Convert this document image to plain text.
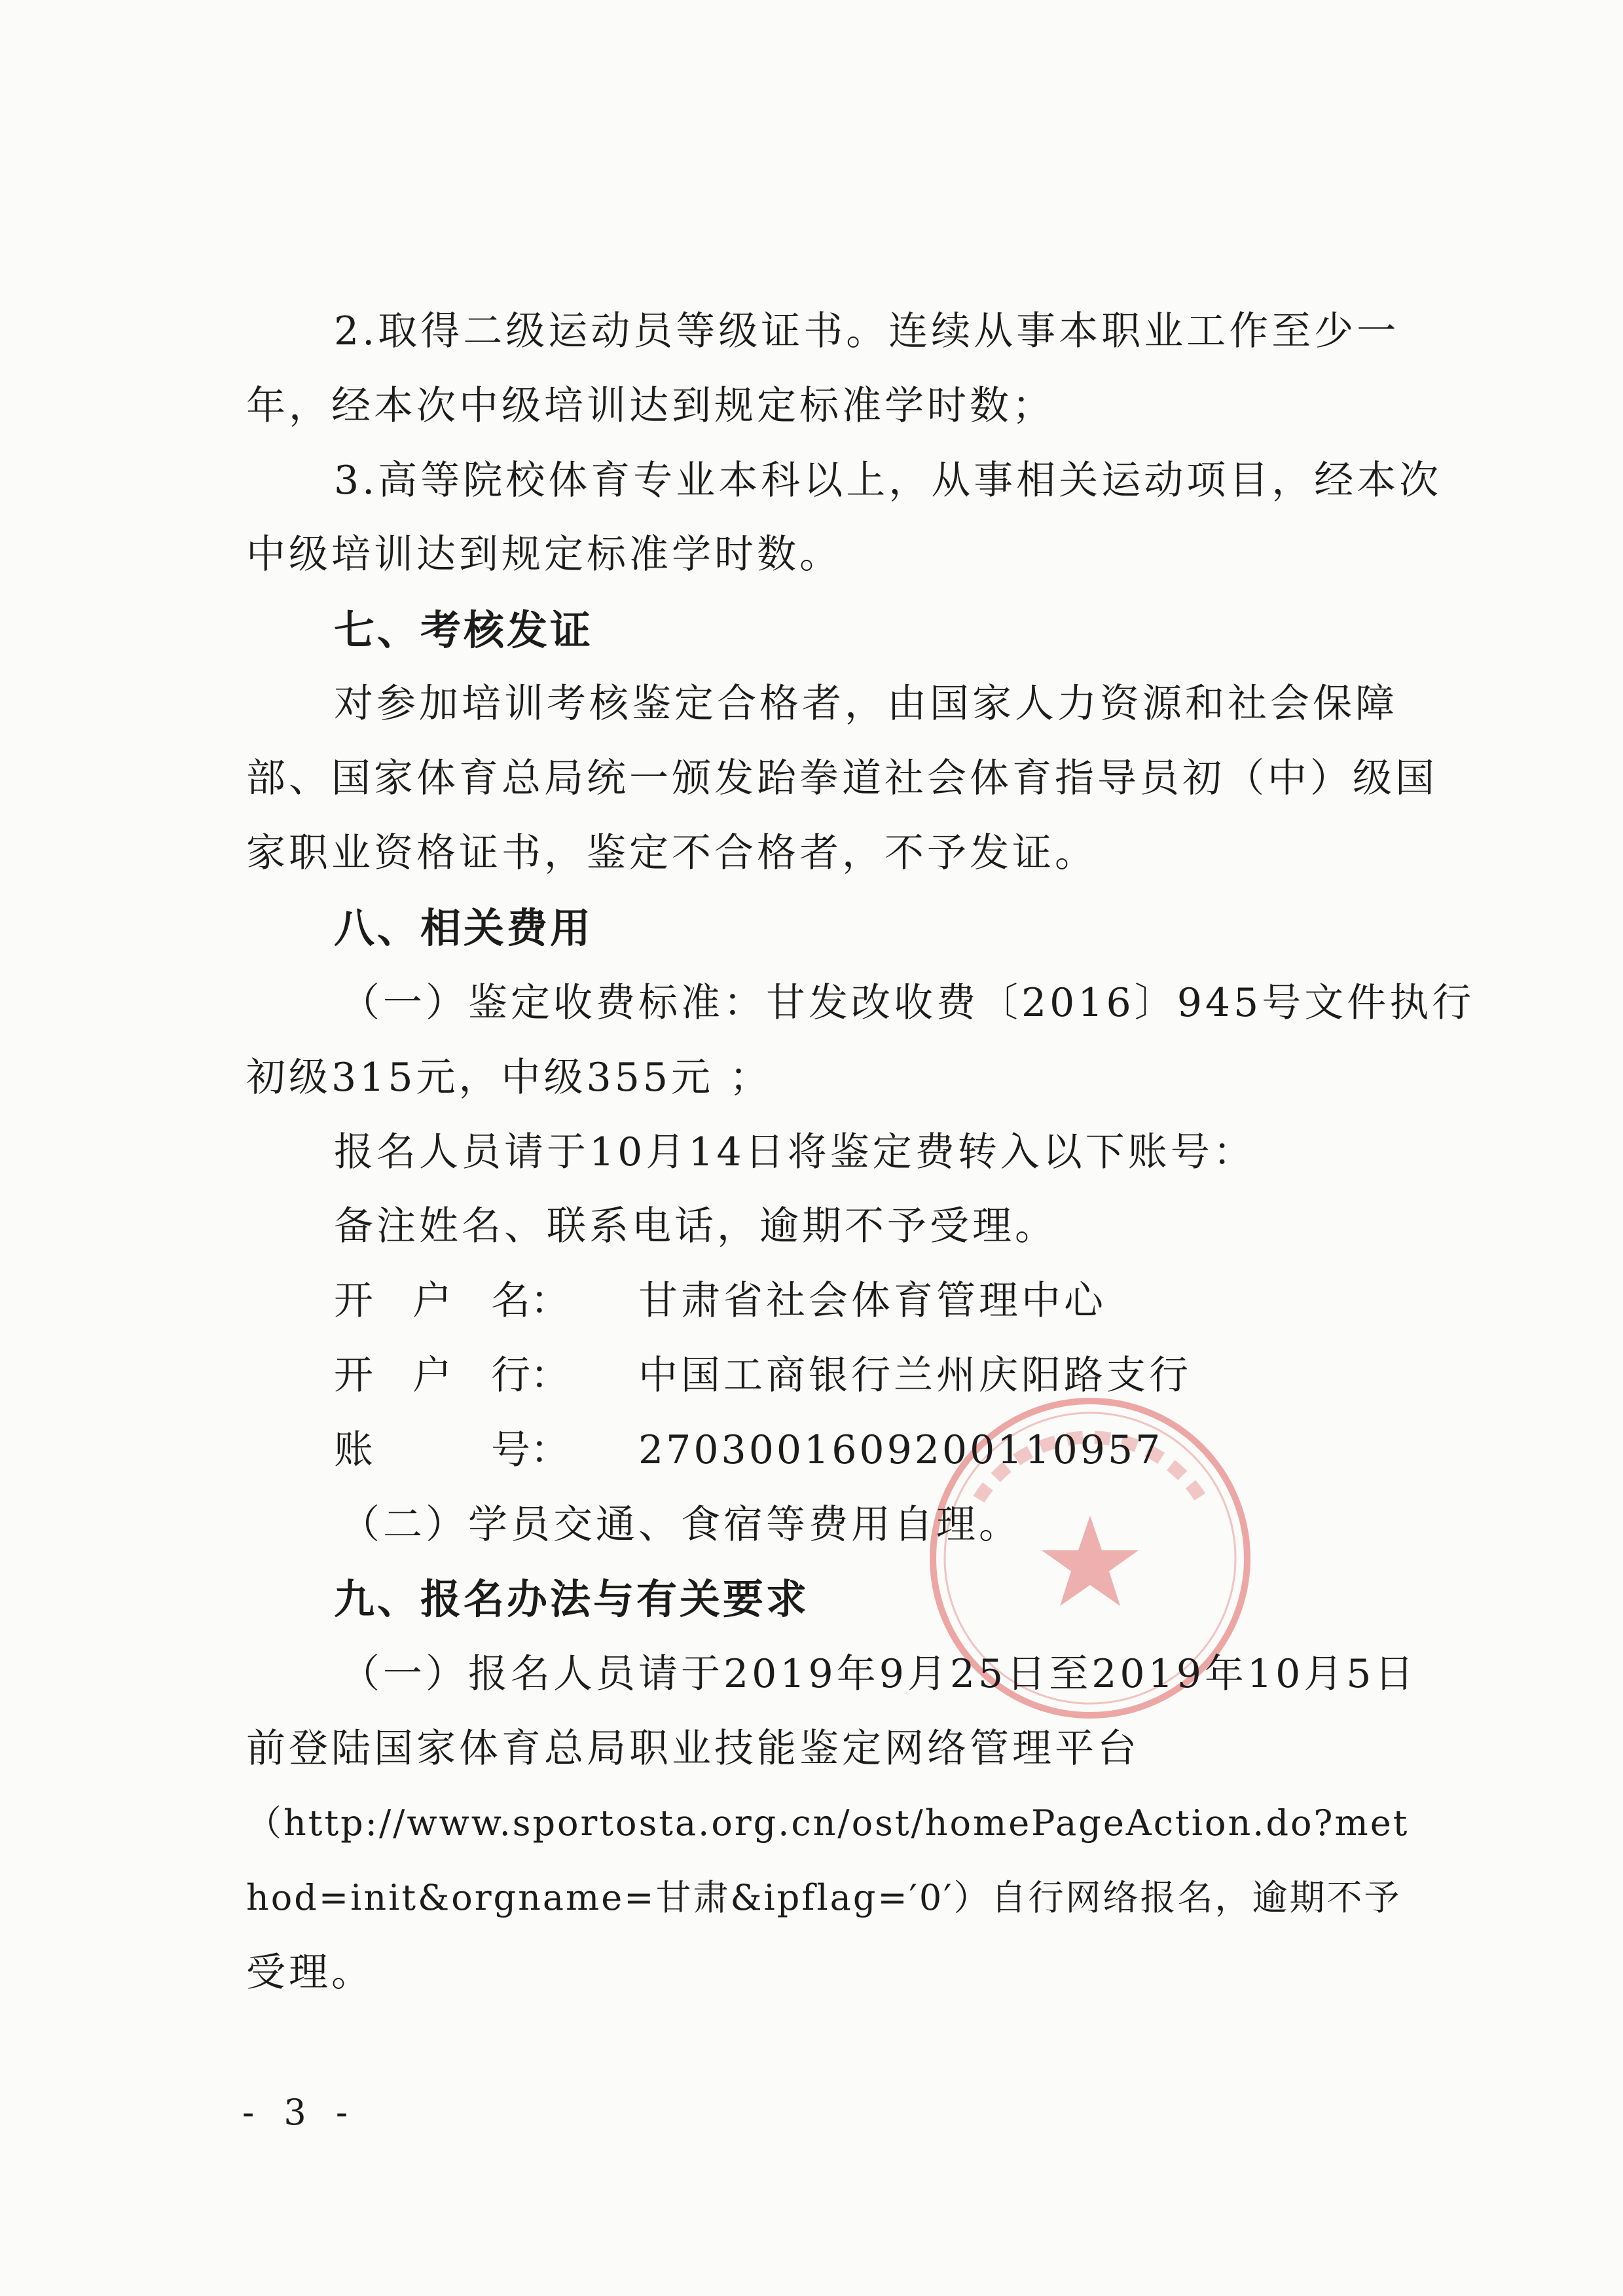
2.取得二级运动员等级证书。连续从事本职业工作至少一
年，经本次中级培训达到规定标准学时数；
3.高等院校体育专业本科以上，从事相关运动项目，经本次
中级培训达到规定标准学时数。
七、考核发证
对参加培训考核鉴定合格者，由国家人力资源和社会保障
部、国家体育总局统一颁发跆拳道社会体育指导员初（中）级国
家职业资格证书，鉴定不合格者，不予发证。
八、相关费用
（一）鉴定收费标准：甘发改收费〔2016〕945号文件执行
初级315元，中级355元 ；
报名人员请于10月14日将鉴定费转入以下账号：
备注姓名、联系电话，逾期不予受理。
开　户　名： 甘肃省社会体育管理中心
开　户　行： 中国工商银行兰州庆阳路支行
账　　　号： 2703001609200110957
（二）学员交通、食宿等费用自理。
九、报名办法与有关要求
（一）报名人员请于2019年9月25日至2019年10月5日
前登陆国家体育总局职业技能鉴定网络管理平台
（http://www.sportosta.org.cn/ost/homePageAction.do?met
hod=init&orgname=甘肃&ipflag=′0′）自行网络报名，逾期不予
受理。
- 3 -
